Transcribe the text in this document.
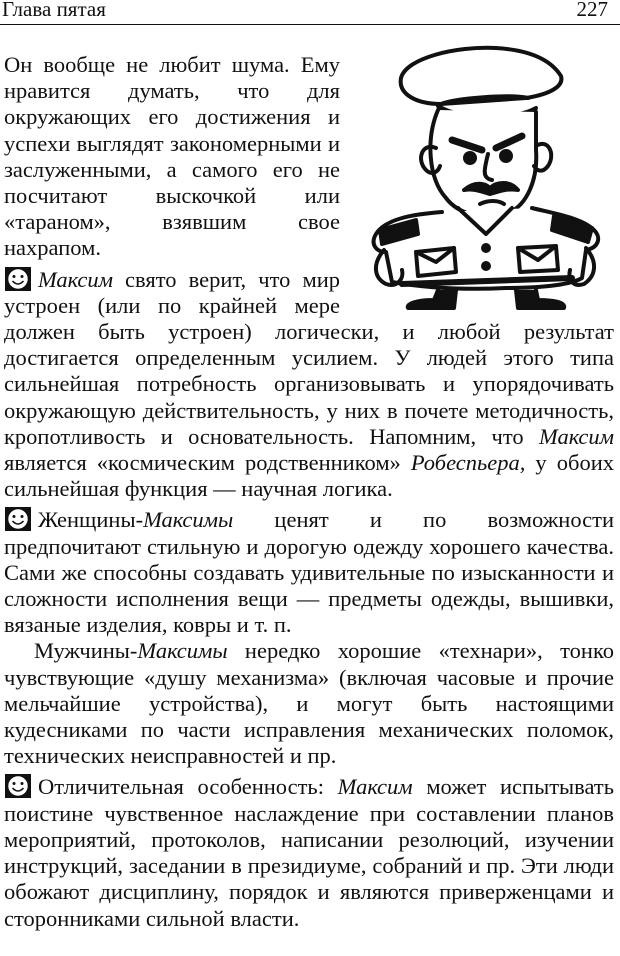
Глава пятая	227

Он вообще не любит шума. Ему нравится думать, что для окружающих его достижения и успехи выглядят закономерными и заслуженными, а самого его не посчитают выскочкой или «тараном», взявшим свое нахрапом.

Максим свято верит, что мир устроен (или по крайней мере должен быть устроен) логически, и любой результат достигается определенным усилием. У людей этого типа сильнейшая потребность организовывать и упорядочивать окружающую действительность, у них в почете методичность, кропотливость и основательность. Напомним, что Максим является «космическим родственником» Робеспьера, у обоих сильнейшая функция — научная логика.

Женщины-Максимы ценят и по возможности предпочитают стильную и дорогую одежду хорошего качества. Сами же способны создавать удивительные по изысканности и сложности исполнения вещи — предметы одежды, вышивки, вязаные изделия, ковры и т. п.

Мужчины-Максимы нередко хорошие «технари», тонко чувствующие «душу механизма» (включая часовые и прочие мельчайшие устройства), и могут быть настоящими кудесниками по части исправления механических поломок, технических неисправностей и пр.

Отличительная особенность: Максим может испытывать поистине чувственное наслаждение при составлении планов мероприятий, протоколов, написании резолюций, изучении инструкций, заседании в президиуме, собраний и пр. Эти люди обожают дисциплину, порядок и являются приверженцами и сторонниками сильной власти.
